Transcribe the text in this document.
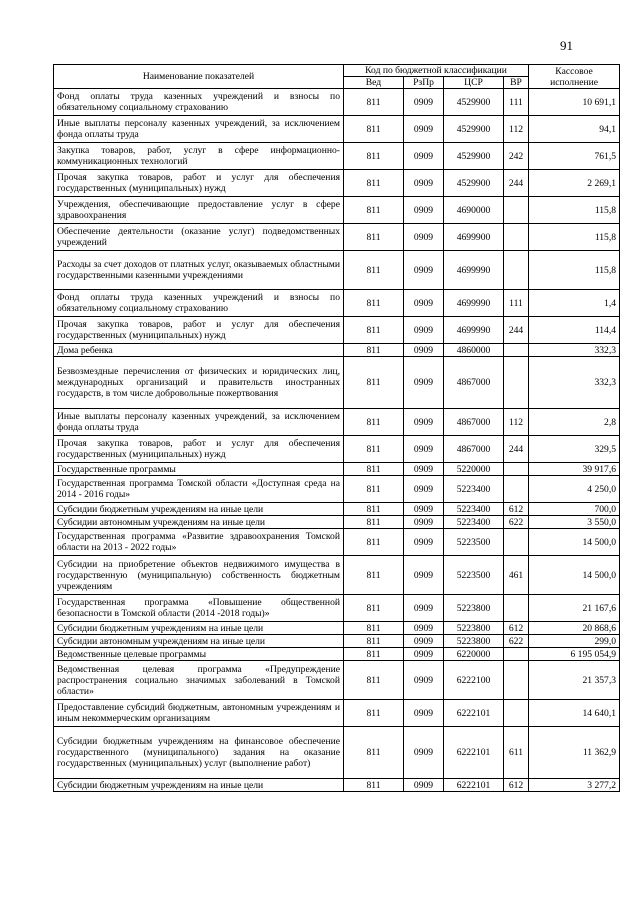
91
Наименование показателей	Код по бюджетной классификации				Кассовое исполнение
	Вед	РзПр	ЦСР	ВР	
Фонд оплаты труда казенных учреждений и взносы по обязательному социальному страхованию	811	0909	4529900	111	10 691,1
Иные выплаты персоналу казенных учреждений, за исключением фонда оплаты труда	811	0909	4529900	112	94,1
Закупка товаров, работ, услуг в сфере информационно-коммуникационных технологий	811	0909	4529900	242	761,5
Прочая закупка товаров, работ и услуг для обеспечения государственных (муниципальных) нужд	811	0909	4529900	244	2 269,1
Учреждения, обеспечивающие предоставление услуг в сфере здравоохранения	811	0909	4690000		115,8
Обеспечение деятельности (оказание услуг) подведомственных учреждений	811	0909	4699900		115,8
Расходы за счет доходов от платных услуг, оказываемых областными государственными казенными учреждениями	811	0909	4699990		115,8
Фонд оплаты труда казенных учреждений и взносы по обязательному социальному страхованию	811	0909	4699990	111	1,4
Прочая закупка товаров, работ и услуг для обеспечения государственных (муниципальных) нужд	811	0909	4699990	244	114,4
Дома ребенка	811	0909	4860000		332,3
Безвозмездные перечисления от физических и юридических лиц, международных организаций и правительств иностранных государств, в том числе добровольные пожертвования	811	0909	4867000		332,3
Иные выплаты персоналу казенных учреждений, за исключением фонда оплаты труда	811	0909	4867000	112	2,8
Прочая закупка товаров, работ и услуг для обеспечения государственных (муниципальных) нужд	811	0909	4867000	244	329,5
Государственные программы	811	0909	5220000		39 917,6
Государственная программа Томской области «Доступная среда на 2014 - 2016 годы»	811	0909	5223400		4 250,0
Субсидии бюджетным учреждениям на иные цели	811	0909	5223400	612	700,0
Субсидии автономным учреждениям на иные цели	811	0909	5223400	622	3 550,0
Государственная программа «Развитие здравоохранения Томской области на 2013 - 2022 годы»	811	0909	5223500		14 500,0
Субсидии на приобретение объектов недвижимого имущества в государственную (муниципальную) собственность бюджетным учреждениям	811	0909	5223500	461	14 500,0
Государственная программа «Повышение общественной безопасности в Томской области (2014 -2018 годы)»	811	0909	5223800		21 167,6
Субсидии бюджетным учреждениям на иные цели	811	0909	5223800	612	20 868,6
Субсидии автономным учреждениям на иные цели	811	0909	5223800	622	299,0
Ведомственные целевые программы	811	0909	6220000		6 195 054,9
Ведомственная целевая программа «Предупреждение распространения социально значимых заболеваний в Томской области»	811	0909	6222100		21 357,3
Предоставление субсидий бюджетным, автономным учреждениям и иным некоммерческим организациям	811	0909	6222101		14 640,1
Субсидии бюджетным учреждениям на финансовое обеспечение государственного (муниципального) задания на оказание государственных (муниципальных) услуг (выполнение работ)	811	0909	6222101	611	11 362,9
Субсидии бюджетным учреждениям на иные цели	811	0909	6222101	612	3 277,2
